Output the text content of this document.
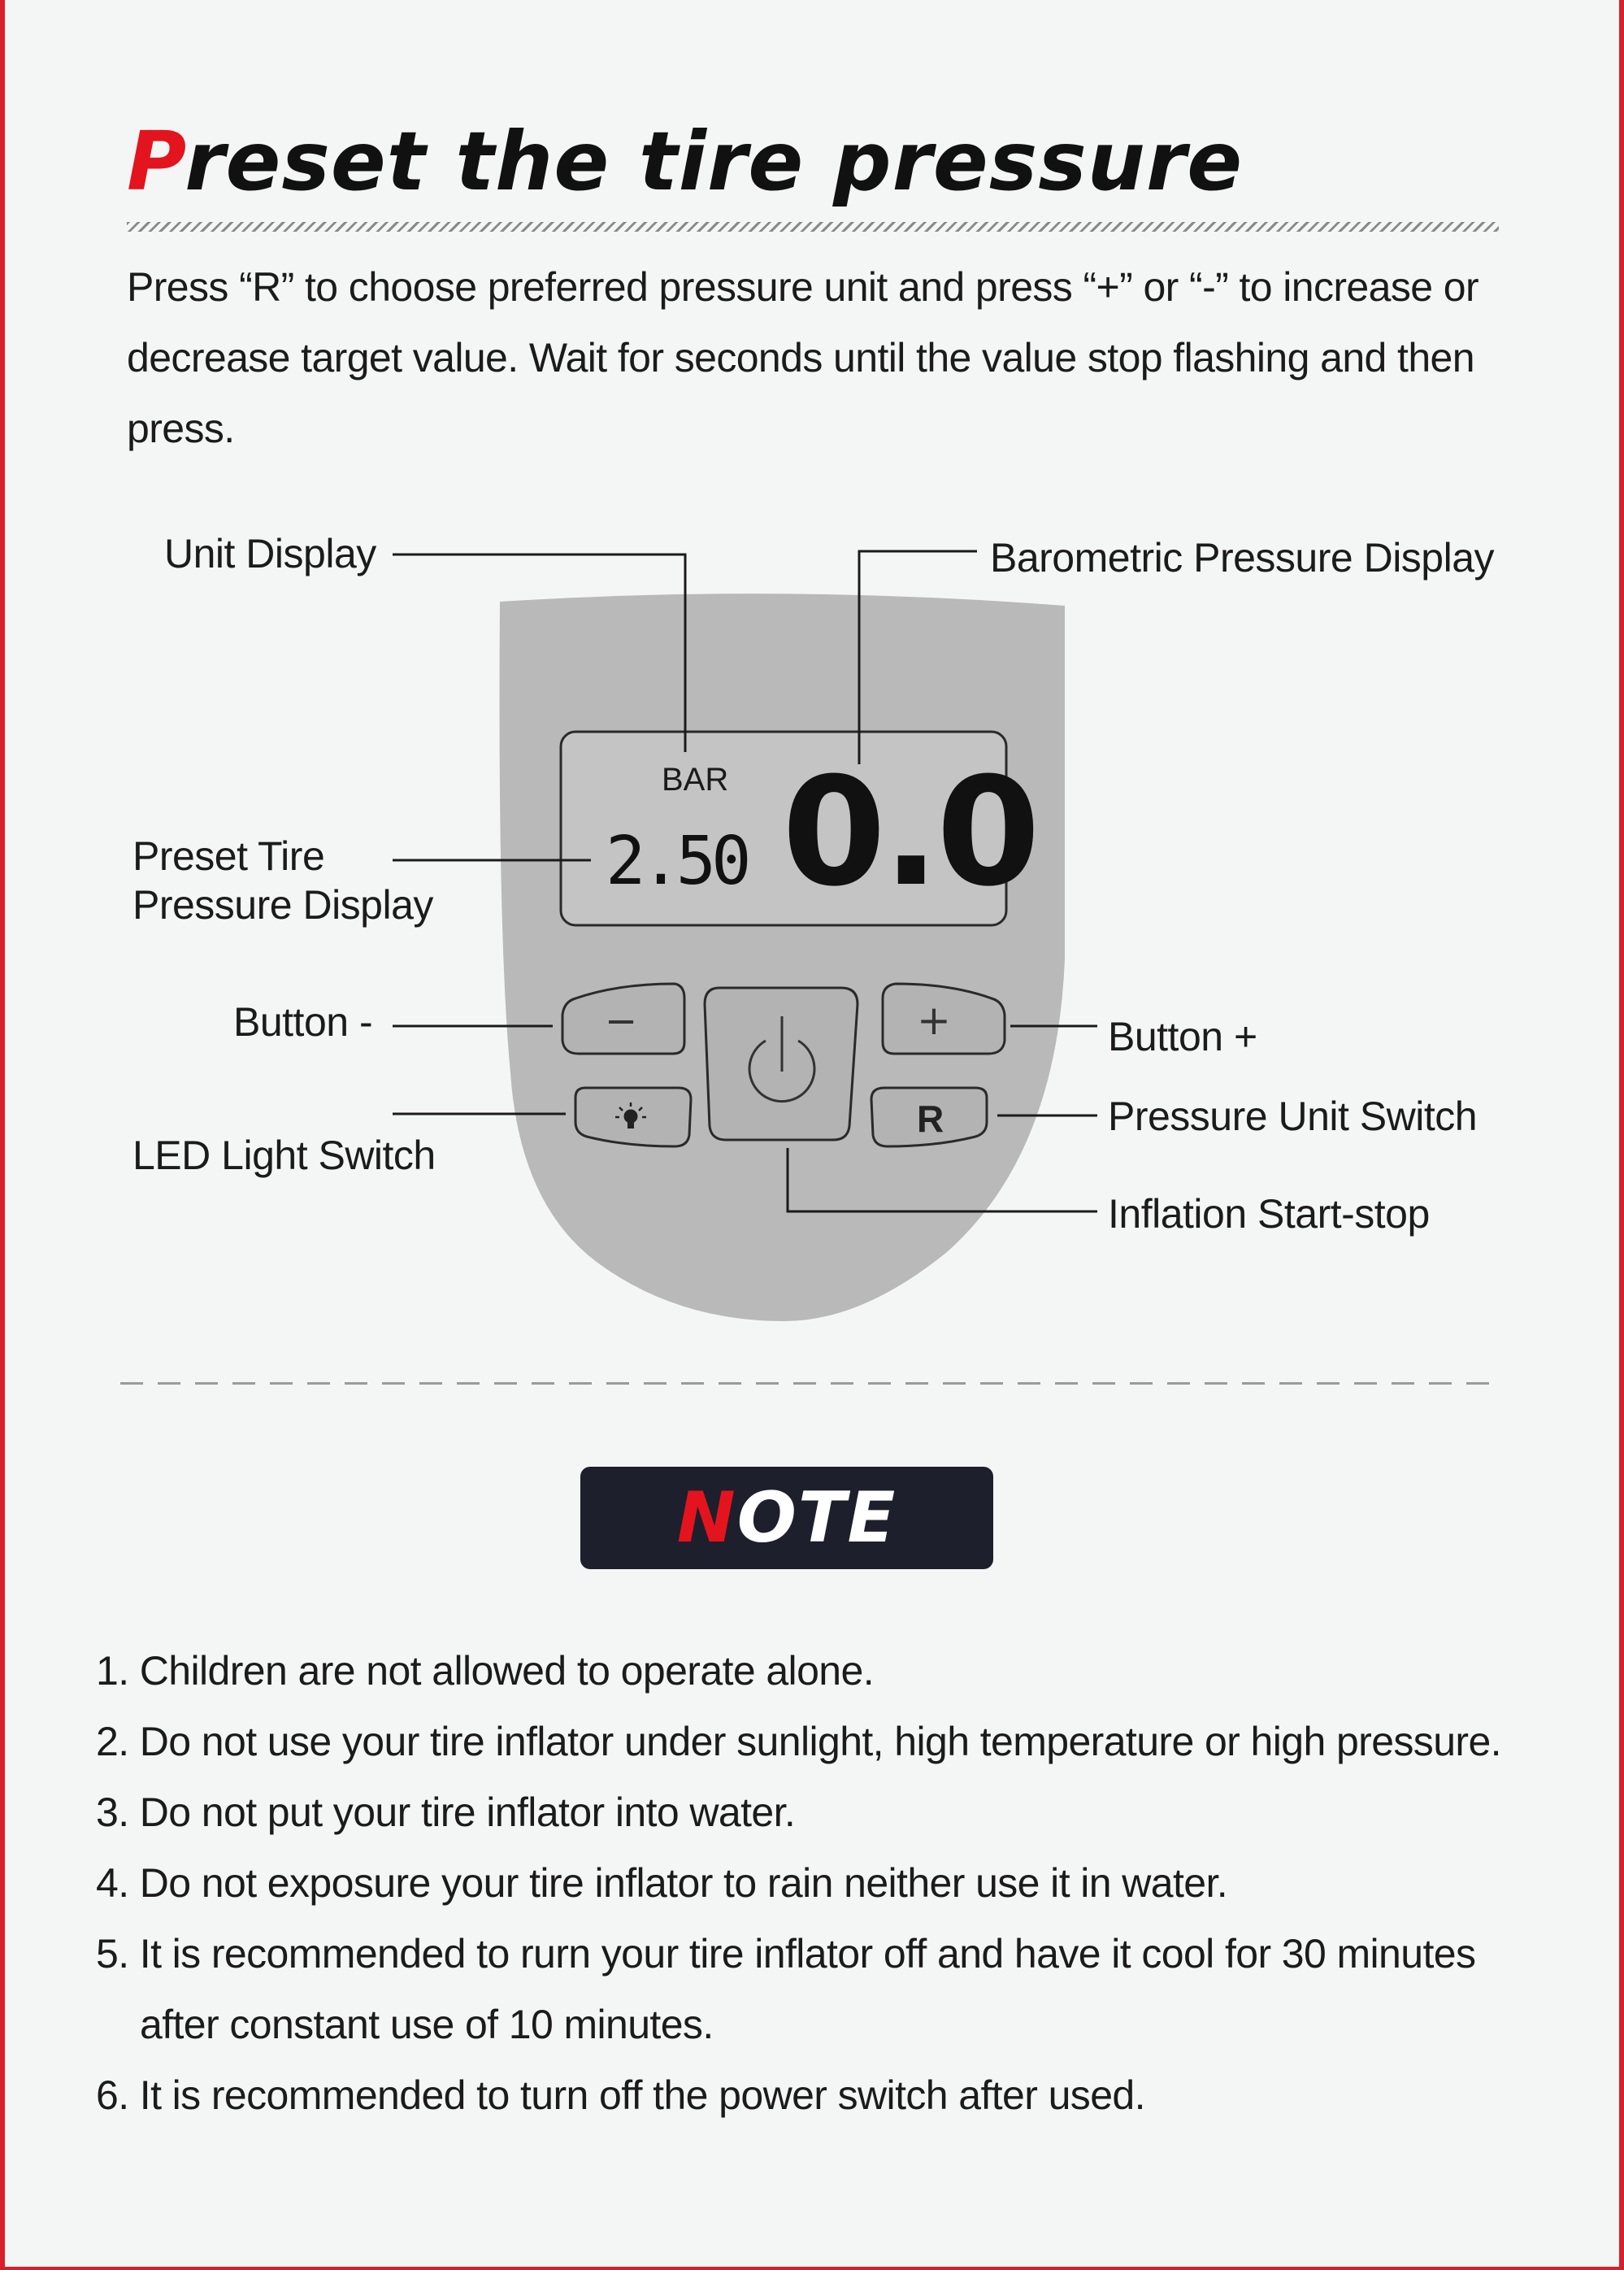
Preset the tire pressure
Press “R” to choose preferred pressure unit and press “+” or “-” to increase or
decrease target value. Wait for seconds until the value stop flashing and then
press.
BAR
2.50 0.0
−	+
R
Unit Display	Barometric Pressure Display
Preset Tire
Pressure Display
Button -
LED Light Switch
Button +
Pressure Unit Switch
Inflation Start-stop
NOTE
1. Children are not allowed to operate alone.
2. Do not use your tire inflator under sunlight, high temperature or high pressure.
3. Do not put your tire inflator into water.
4. Do not exposure your tire inflator to rain neither use it in water.
5. It is recommended to rurn your tire inflator off and have it cool for 30 minutes
after constant use of 10 minutes.
6. It is recommended to turn off the power switch after used.
